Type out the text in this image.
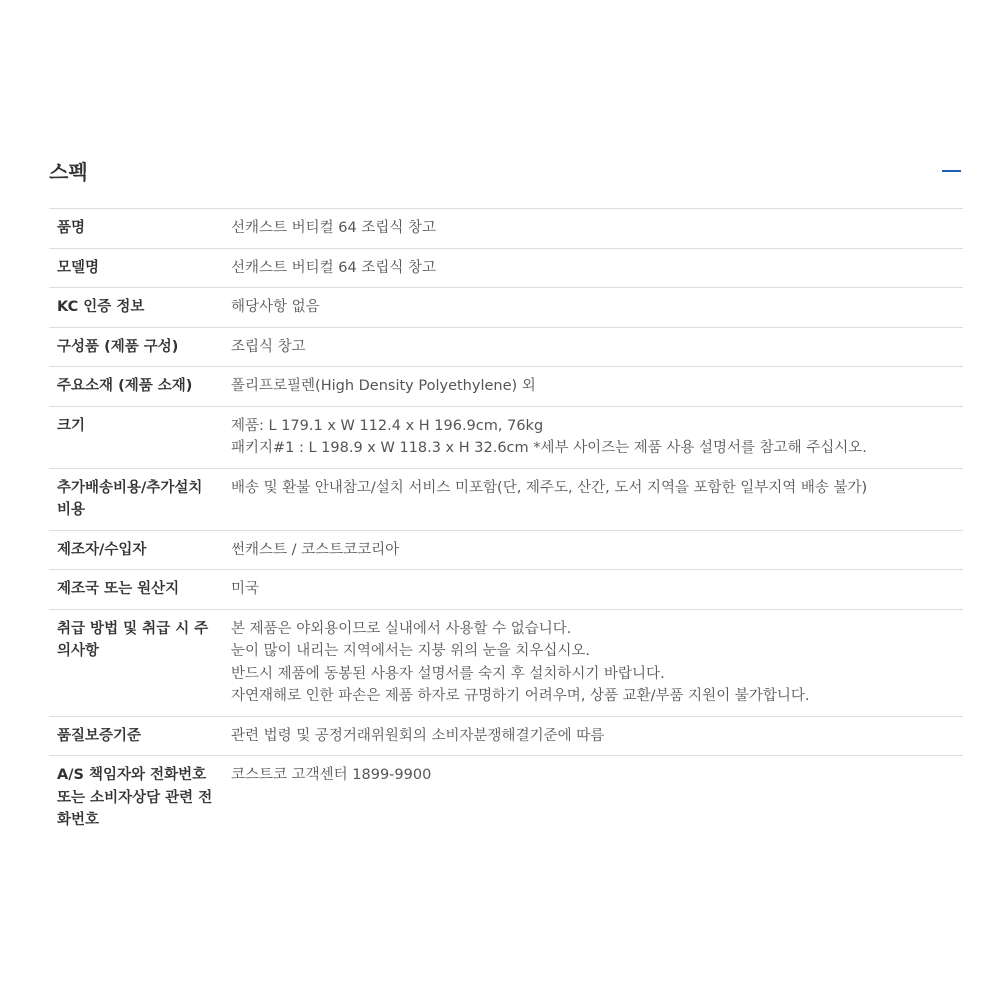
스펙
품명	선캐스트 버티컬 64 조립식 창고

모델명	선캐스트 버티컬 64 조립식 창고

KC 인증 정보	해당사항 없음

구성품 (제품 구성)	조립식 창고

주요소재 (제품 소재)	폴리프로필렌(High Density Polyethylene) 외

크기	제품: L 179.1 x W 112.4 x H 196.9cm, 76kg
패키지#1 : L 198.9 x W 118.3 x H 32.6cm *세부 사이즈는 제품 사용 설명서를 참고해 주십시오.

추가배송비용/추가설치비용	배송 및 환불 안내참고/설치 서비스 미포함(단, 제주도, 산간, 도서 지역을 포함한 일부지역 배송 불가)

제조자/수입자	썬캐스트 / 코스트코코리아

제조국 또는 원산지	미국

취급 방법 및 취급 시 주의사항	본 제품은 야외용이므로 실내에서 사용할 수 없습니다.
눈이 많이 내리는 지역에서는 지붕 위의 눈을 치우십시오.
반드시 제품에 동봉된 사용자 설명서를 숙지 후 설치하시기 바랍니다.
자연재해로 인한 파손은 제품 하자로 규명하기 어려우며, 상품 교환/부품 지원이 불가합니다.

품질보증기준	관련 법령 및 공정거래위원회의 소비자분쟁해결기준에 따름

A/S 책임자와 전화번호 또는 소비자상담 관련 전화번호	코스트코 고객센터 1899-9900
